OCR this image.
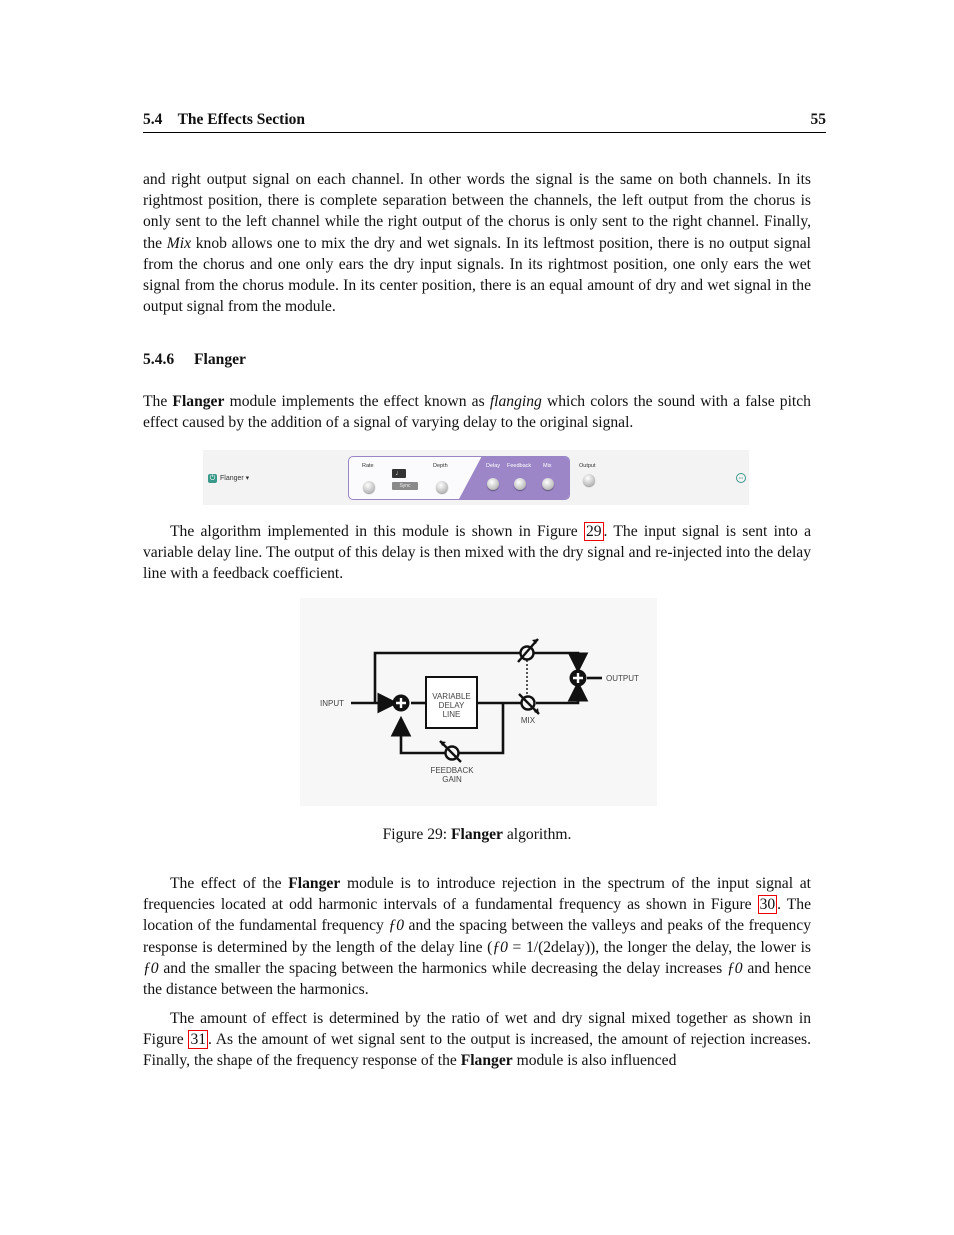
5.4    The Effects Section	55

and right output signal on each channel. In other words the signal is the same on both channels. In its rightmost position, there is complete separation between the channels, the left output from the chorus is only sent to the left channel while the right output of the chorus is only sent to the right channel. Finally, the Mix knob allows one to mix the dry and wet signals. In its leftmost position, there is no output signal from the chorus and one only ears the dry input signals. In its rightmost position, one only ears the wet signal from the chorus module. In its center position, there is an equal amount of dry and wet signal in the output signal from the module.

5.4.6 Flanger

The Flanger module implements the effect known as flanging which colors the sound with a false pitch effect caused by the addition of a signal of varying delay to the original signal.

⏻ Flanger ▾
Rate
♩
Sync
Depth	Delay Feedback Mix	Output
•••

The algorithm implemented in this module is shown in Figure 29 . The input signal is sent into a variable delay line. The output of this delay is then mixed with the dry signal and re-injected into the delay line with a feedback coefficient.

VARIABLE
DELAY
LINE
INPUT
OUTPUT
MIX
FEEDBACK
GAIN
Figure 29: Flanger algorithm.

The effect of the Flanger module is to introduce rejection in the spectrum of the input signal at frequencies located at odd harmonic intervals of a fundamental frequency as shown in Figure 30 . The location of the fundamental frequency ƒ0 and the spacing between the valleys and peaks of the frequency response is determined by the length of the delay line (ƒ0 = 1/(2delay)), the longer the delay, the lower is ƒ0 and the smaller the spacing between the harmonics while decreasing the delay increases ƒ0 and hence the distance between the harmonics.

The amount of effect is determined by the ratio of wet and dry signal mixed together as shown in Figure 31 . As the amount of wet signal sent to the output is increased, the amount of rejection increases. Finally, the shape of the frequency response of the Flanger module is also influenced
